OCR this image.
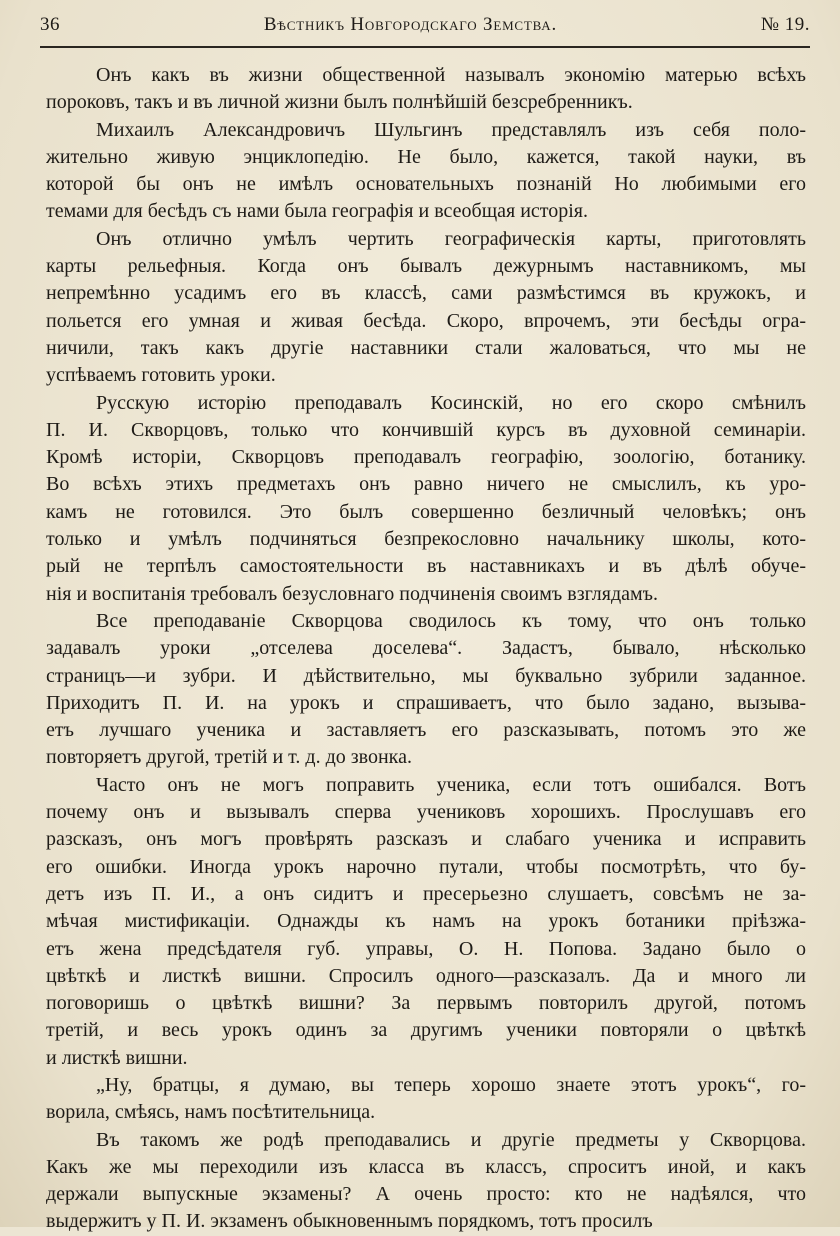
36	Вѣстникъ Новгородскаго Земства.	№ 19.
Онъ какъ въ жизни общественной называлъ экономію матерью всѣхъ
пороковъ, такъ и въ личной жизни былъ полнѣйшій безсребренникъ.
Михаилъ Александровичъ Шульгинъ представлялъ изъ себя поло-
жительно живую энциклопедію. Не было, кажется, такой науки, въ
которой бы онъ не имѣлъ основательныхъ познаній Но любимыми его
темами для бесѣдъ съ нами была географія и всеобщая исторія.
Онъ отлично умѣлъ чертить географическія карты, приготовлять
карты рельефныя. Когда онъ бывалъ дежурнымъ наставникомъ, мы
непремѣнно усадимъ его въ классѣ, сами размѣстимся въ кружокъ, и
польется его умная и живая бесѣда. Скоро, впрочемъ, эти бесѣды огра-
ничили, такъ какъ другіе наставники стали жаловаться, что мы не
успѣваемъ готовить уроки.
Русскую исторію преподавалъ Косинскій, но его скоро смѣнилъ
П. И. Скворцовъ, только что кончившій курсъ въ духовной семинаріи.
Кромѣ исторіи, Скворцовъ преподавалъ географію, зоологію, ботанику.
Во всѣхъ этихъ предметахъ онъ равно ничего не смыслилъ, къ уро-
камъ не готовился. Это былъ совершенно безличный человѣкъ; онъ
только и умѣлъ подчиняться безпрекословно начальнику школы, кото-
рый не терпѣлъ самостоятельности въ наставникахъ и въ дѣлѣ обуче-
нія и воспитанія требовалъ безусловнаго подчиненія своимъ взглядамъ.
Все преподаваніе Скворцова сводилось къ тому, что онъ только
задавалъ уроки „отселева доселева“. Задастъ, бывало, нѣсколько
страницъ—и зубри. И дѣйствительно, мы буквально зубрили заданное.
Приходитъ П. И. на урокъ и спрашиваетъ, что было задано, вызыва-
етъ лучшаго ученика и заставляетъ его разсказывать, потомъ это же
повторяетъ другой, третій и т. д. до звонка.
Часто онъ не могъ поправить ученика, если тотъ ошибался. Вотъ
почему онъ и вызывалъ сперва учениковъ хорошихъ. Прослушавъ его
разсказъ, онъ могъ провѣрять разсказъ и слабаго ученика и исправить
его ошибки. Иногда урокъ нарочно путали, чтобы посмотрѣть, что бу-
детъ изъ П. И., а онъ сидитъ и пресерьезно слушаетъ, совсѣмъ не за-
мѣчая мистификаціи. Однажды къ намъ на урокъ ботаники пріѣзжа-
етъ жена предсѣдателя губ. управы, О. Н. Попова. Задано было о
цвѣткѣ и листкѣ вишни. Спросилъ одного—разсказалъ. Да и много ли
поговоришь о цвѣткѣ вишни? За первымъ повторилъ другой, потомъ
третій, и весь урокъ одинъ за другимъ ученики повторяли о цвѣткѣ
и листкѣ вишни.
„Ну, братцы, я думаю, вы теперь хорошо знаете этотъ урокъ“, го-
ворила, смѣясь, намъ посѣтительница.
Въ такомъ же родѣ преподавались и другіе предметы у Скворцова.
Какъ же мы переходили изъ класса въ классъ, спроситъ иной, и какъ
держали выпускные экзамены? А очень просто: кто не надѣялся, что
выдержитъ у П. И. экзаменъ обыкновеннымъ порядкомъ, тотъ просилъ
